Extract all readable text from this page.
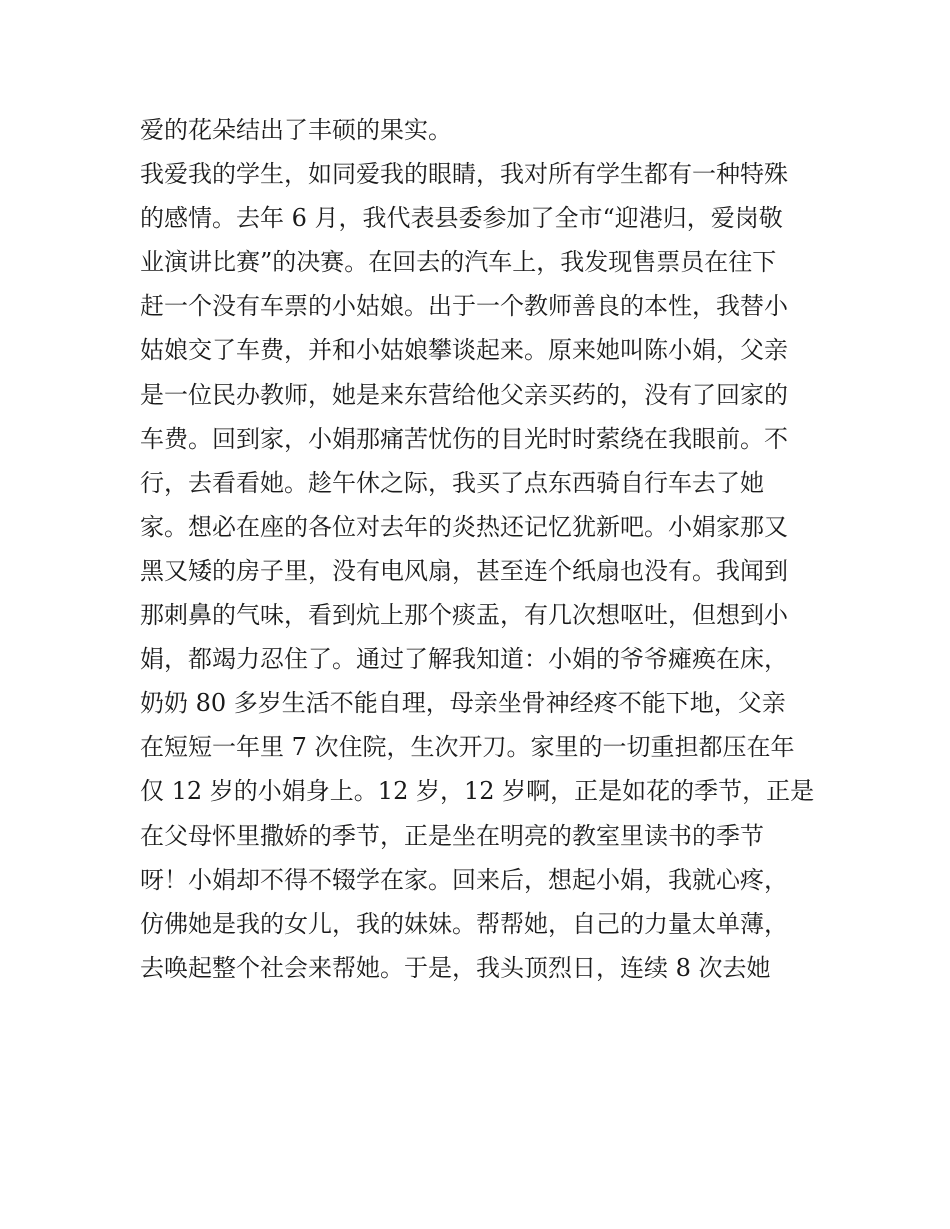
爱的花朵结出了丰硕的果实。
我爱我的学生，如同爱我的眼睛，我对所有学生都有一种特殊
的感情。去年 6 月，我代表县委参加了全市“迎港归，爱岗敬
业演讲比赛”的决赛。在回去的汽车上，我发现售票员在往下
赶一个没有车票的小姑娘。出于一个教师善良的本性，我替小
姑娘交了车费，并和小姑娘攀谈起来。原来她叫陈小娟，父亲
是一位民办教师，她是来东营给他父亲买药的，没有了回家的
车费。回到家，小娟那痛苦忧伤的目光时时萦绕在我眼前。不
行，去看看她。趁午休之际，我买了点东西骑自行车去了她
家。想必在座的各位对去年的炎热还记忆犹新吧。小娟家那又
黑又矮的房子里，没有电风扇，甚至连个纸扇也没有。我闻到
那刺鼻的气味，看到炕上那个痰盂，有几次想呕吐，但想到小
娟，都竭力忍住了。通过了解我知道：小娟的爷爷瘫痪在床，
奶奶 80 多岁生活不能自理，母亲坐骨神经疼不能下地，父亲
在短短一年里 7 次住院，生次开刀。家里的一切重担都压在年
仅 12 岁的小娟身上。12 岁，12 岁啊，正是如花的季节，正是
在父母怀里撒娇的季节，正是坐在明亮的教室里读书的季节
呀！小娟却不得不辍学在家。回来后，想起小娟，我就心疼，
仿佛她是我的女儿，我的妹妹。帮帮她，自己的力量太单薄，
去唤起整个社会来帮她。于是，我头顶烈日，连续 8 次去她
